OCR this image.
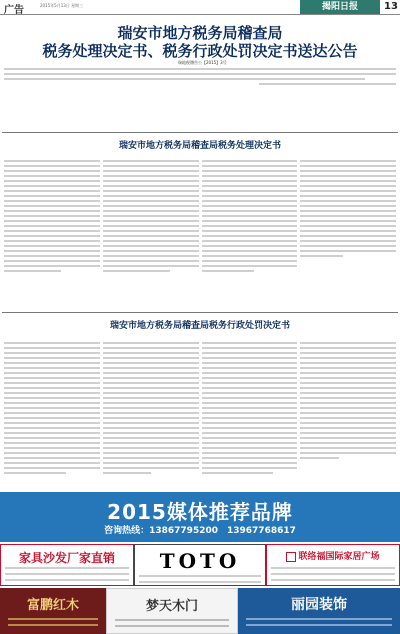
广告	2015年5月13日 星期三	揭阳日报	13
瑞安市地方税务局稽查局
税务处理决定书、税务行政处罚决定书送达公告
瑞地税稽告公【2015】3号
瑞安市地方税务局稽查局税务处理决定书
瑞安市地方税务局稽查局税务行政处罚决定书
2015媒体推荐品牌
咨询热线：13867795200　13967768617
家具沙发厂家直销	TOTO	联络福国际家居广场
富鹏红木	梦天木门	丽园装饰
